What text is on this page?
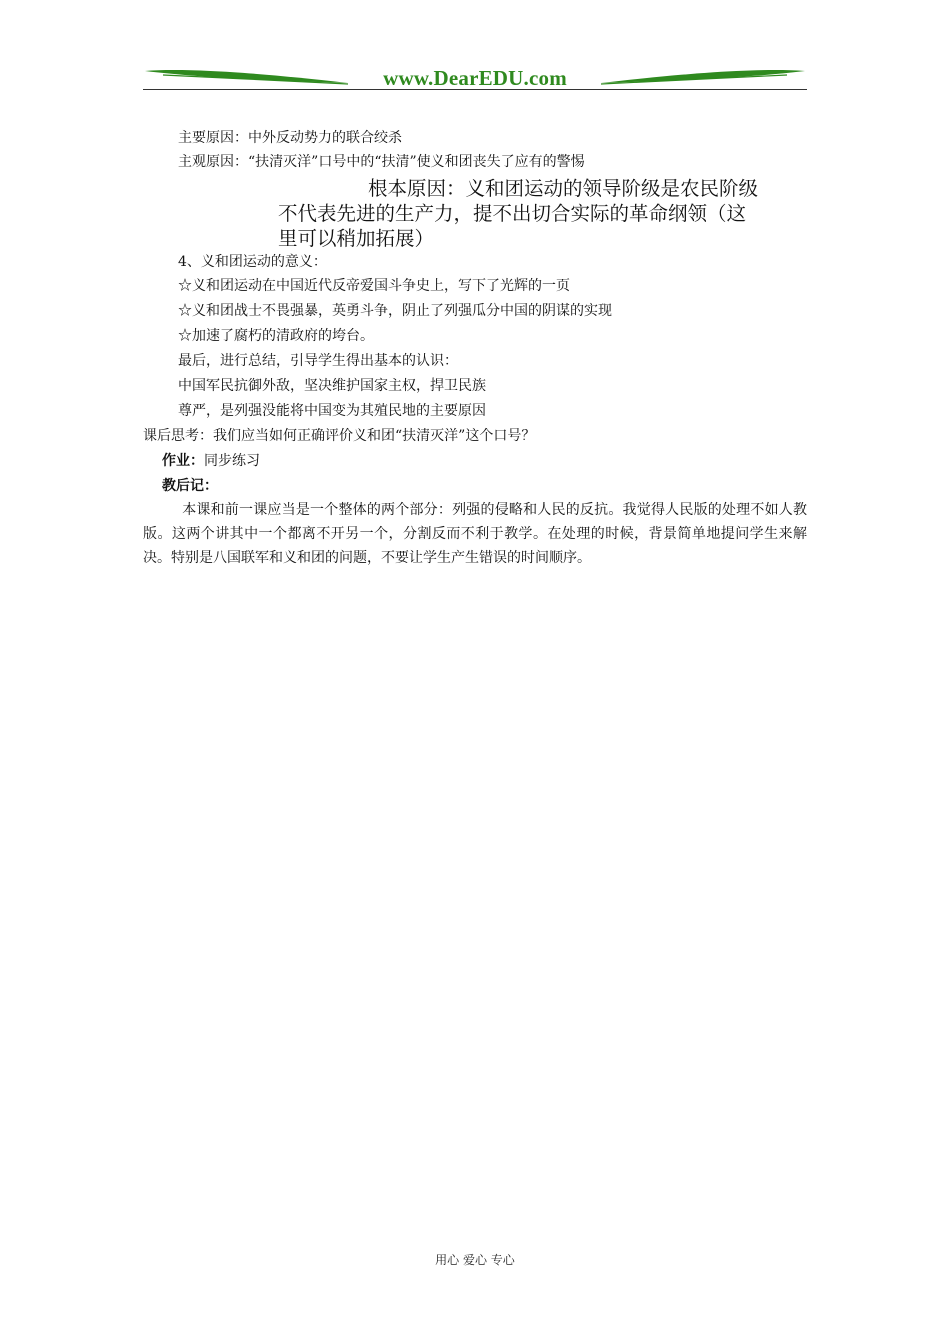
www.DearEDU.com
主要原因：中外反动势力的联合绞杀
主观原因：“扶清灭洋”口号中的“扶清”使义和团丧失了应有的警惕
根本原因：义和团运动的领导阶级是农民阶级
不代表先进的生产力，提不出切合实际的革命纲领（这
里可以稍加拓展）
4、义和团运动的意义：
☆义和团运动在中国近代反帝爱国斗争史上，写下了光辉的一页
☆义和团战士不畏强暴，英勇斗争，阴止了列强瓜分中国的阴谋的实现
☆加速了腐朽的清政府的垮台。
最后，进行总结，引导学生得出基本的认识：
中国军民抗御外敌，坚决维护国家主权，捍卫民族
尊严，是列强没能将中国变为其殖民地的主要原因
课后思考：我们应当如何正确评价义和团“扶清灭洋”这个口号？
作业：同步练习
教后记：
本课和前一课应当是一个整体的两个部分：列强的侵略和人民的反抗。我觉得人民版的处理不如人教版。这两个讲其中一个都离不开另一个，分割反而不利于教学。在处理的时候，背景简单地提问学生来解决。特别是八国联军和义和团的问题，不要让学生产生错误的时间顺序。
用心 爱心 专心
